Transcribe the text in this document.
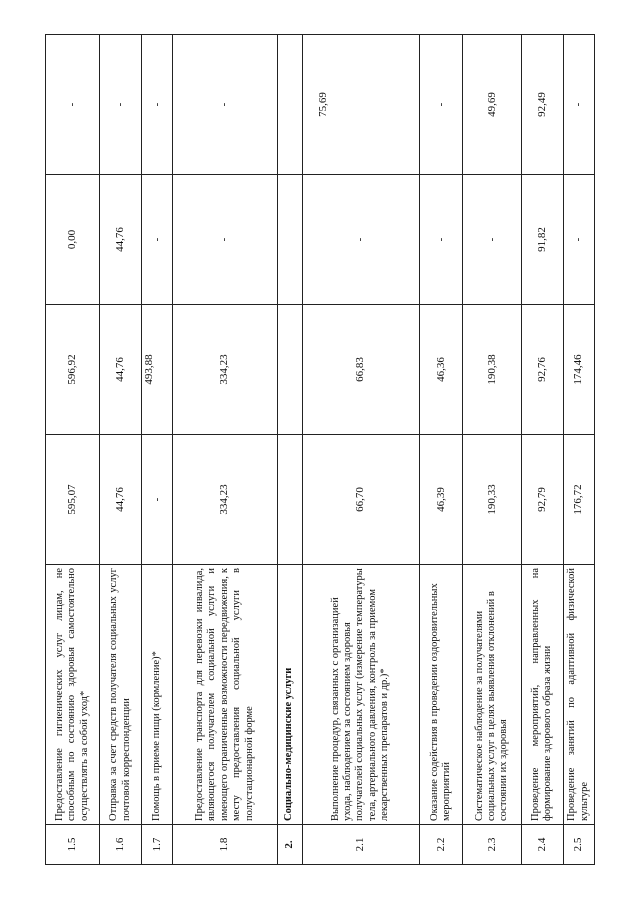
1.5	Предоставление гигиенических услуг лицам, не способным по состоянию здоровья самостоятельно осуществлять за собой уход*	595,07	596,92	0,00	-
1.6	Отправка за счет средств получателя социальных услуг почтовой корреспонденции	44,76	44,76	44,76	-
1.7	Помощь в приеме пищи (кормление)*	-	493,88	-	-
1.8	Предоставление транспорта для перевозки инвалида, являющегося получателем социальной услуги и имеющего ограниченные возможности передвижения, к месту предоставления социальной услуги в полустационарной форме	334,23	334,23	-	-
2.	Социально-медицинские услуги				
2.1	Выполнение процедур, связанных с организацией ухода, наблюдением за состоянием здоровья получателей социальных услуг (измерение температуры тела, артериального давления, контроль за приемом лекарственных препаратов и др.)*	66,70	66,83	-	75,69
2.2	Оказание содействия в проведении оздоровительных мероприятий	46,39	46,36	-	-
2.3	Систематическое наблюдение за получателями социальных услуг в целях выявления отклонений в состоянии их здоровья	190,33	190,38	-	49,69
2.4	Проведение мероприятий, направленных на формирование здорового образа жизни	92,79	92,76	91,82	92,49
2.5	Проведение занятий по адаптивной физической культуре	176,72	174,46	-	-
